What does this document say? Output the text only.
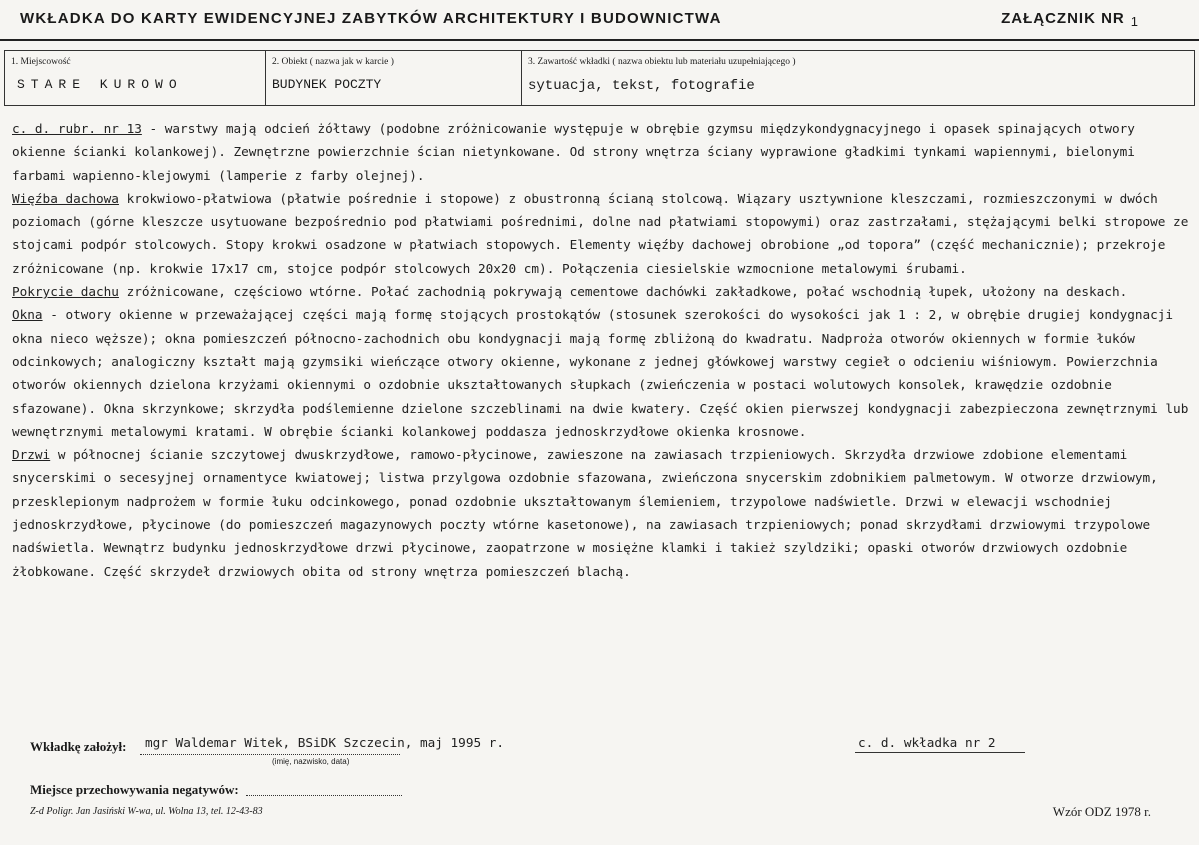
WKŁADKA DO KARTY EWIDENCYJNEJ ZABYTKÓW ARCHITEKTURY I BUDOWNICTWA	ZAŁĄCZNIK NR 1
1. Miejscowość
STARE KUROWO
2. Obiekt ( nazwa jak w karcie )
BUDYNEK POCZTY
3. Zawartość wkładki ( nazwa obiektu lub materiału uzupełniającego )
sytuacja, tekst, fotografie

c. d. rubr. nr 13 - warstwy mają odcień żółtawy (podobne zróżnicowanie występuje w obrębie gzymsu międzykondygnacyjnego i opasek spinających otwory okienne ścianki kolankowej). Zewnętrzne powierzchnie ścian nietynkowane. Od strony wnętrza ściany wyprawione gładkimi tynkami wapiennymi, bielonymi farbami wapienno-klejowymi (lamperie z farby olejnej).

Więźba dachowa krokwiowo-płatwiowa (płatwie pośrednie i stopowe) z obustronną ścianą stolcową. Wiązary usztywnione kleszczami, rozmieszczonymi w dwóch poziomach (górne kleszcze usytuowane bezpośrednio pod płatwiami pośrednimi, dolne nad płatwiami stopowymi) oraz zastrzałami, stężającymi belki stropowe ze stojcami podpór stolcowych. Stopy krokwi osadzone w płatwiach stopowych. Elementy więźby dachowej obrobione „od topora” (część mechanicznie); przekroje zróżnicowane (np. krokwie 17x17 cm, stojce podpór stolcowych 20x20 cm). Połączenia ciesielskie wzmocnione metalowymi śrubami.

Pokrycie dachu zróżnicowane, częściowo wtórne. Połać zachodnią pokrywają cementowe dachówki zakładkowe, połać wschodnią łupek, ułożony na deskach.

Okna - otwory okienne w przeważającej części mają formę stojących prostokątów (stosunek szerokości do wysokości jak 1 : 2, w obrębie drugiej kondygnacji okna nieco węższe); okna pomieszczeń północno-zachodnich obu kondygnacji mają formę zbliżoną do kwadratu. Nadproża otworów okiennych w formie łuków odcinkowych; analogiczny kształt mają gzymsiki wieńczące otwory okienne, wykonane z jednej główkowej warstwy cegieł o odcieniu wiśniowym. Powierzchnia otworów okiennych dzielona krzyżami okiennymi o ozdobnie ukształtowanych słupkach (zwieńczenia w postaci wolutowych konsolek, krawędzie ozdobnie sfazowane). Okna skrzynkowe; skrzydła podślemienne dzielone szczeblinami na dwie kwatery. Część okien pierwszej kondygnacji zabezpieczona zewnętrznymi lub wewnętrznymi metalowymi kratami. W obrębie ścianki kolankowej poddasza jednoskrzydłowe okienka krosnowe.

Drzwi w północnej ścianie szczytowej dwuskrzydłowe, ramowo-płycinowe, zawieszone na zawiasach trzpieniowych. Skrzydła drzwiowe zdobione elementami snycerskimi o secesyjnej ornamentyce kwiatowej; listwa przylgowa ozdobnie sfazowana, zwieńczona snycerskim zdobnikiem palmetowym. W otworze drzwiowym, przesklepionym nadprożem w formie łuku odcinkowego, ponad ozdobnie ukształtowanym ślemieniem, trzypolowe nadświetle. Drzwi w elewacji wschodniej jednoskrzydłowe, płycinowe (do pomieszczeń magazynowych poczty wtórne kasetonowe), na zawiasach trzpieniowych; ponad skrzydłami drzwiowymi trzypolowe nadświetla. Wewnątrz budynku jednoskrzydłowe drzwi płycinowe, zaopatrzone w mosiężne klamki i takież szyldziki; opaski otworów drzwiowych ozdobnie żłobkowane. Część skrzydeł drzwiowych obita od strony wnętrza pomieszczeń blachą.

Wkładkę założył: mgr Waldemar Witek, BSiDK Szczecin, maj 1995 r.
(imię, nazwisko, data)
c. d. wkładka nr 2
Miejsce przechowywania negatywów:
Z-d Poligr. Jan Jasiński W-wa, ul. Wolna 13, tel. 12-43-83	Wzór ODZ 1978 r.
